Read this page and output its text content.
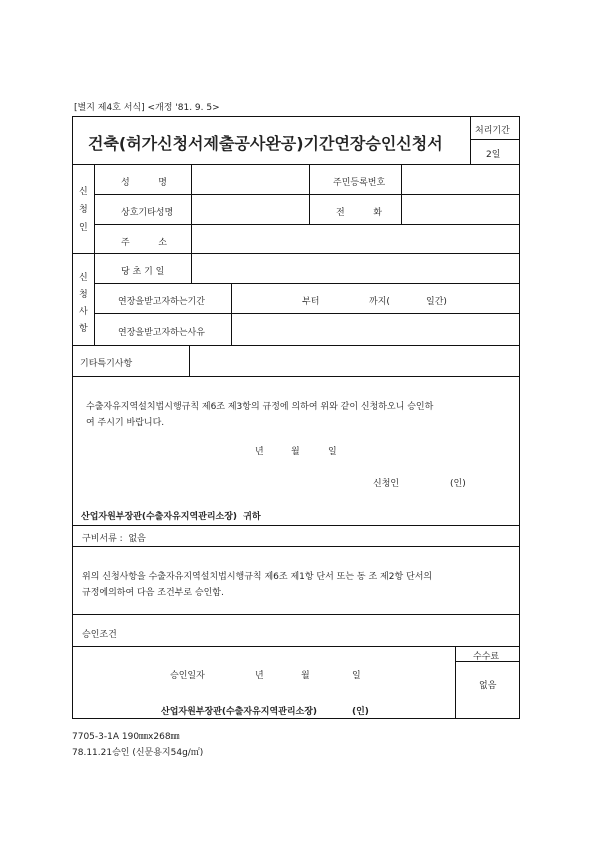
[별지 제4호 서식] <개정 '81. 9. 5>
건축(허가신청서제출공사완공)기간연장승인신청서
처리기간
2일
신
청
인
성          명	주민등록번호
상호기타성명	전          화
주          소
신
청
사
항
당 초 기 일
연장을받고자하는기간	부터	까지(	일간)
연장을받고자하는사유
기타특기사항
수출자유지역설치법시행규칙 제6조 제3항의 규정에 의하여 위와 같이 신청하오니 승인하
여 주시기 바랍니다.
년	월	일
신청인	(인)
산업자원부장관(수출자유지역관리소장)  귀하
구비서류 :  없음
위의 신청사항을 수출자유지역설치법시행규칙 제6조 제1항 단서 또는 동 조 제2항 단서의
규정에의하여 다음 조건부로 승인함.
승인조건
승인일자	년	월	일
산업자원부장관(수출자유지역관리소장)	(인)
수수료
없음
7705-3-1A 190㎜x268㎜
78.11.21승인 (신문용지54g/㎡)
